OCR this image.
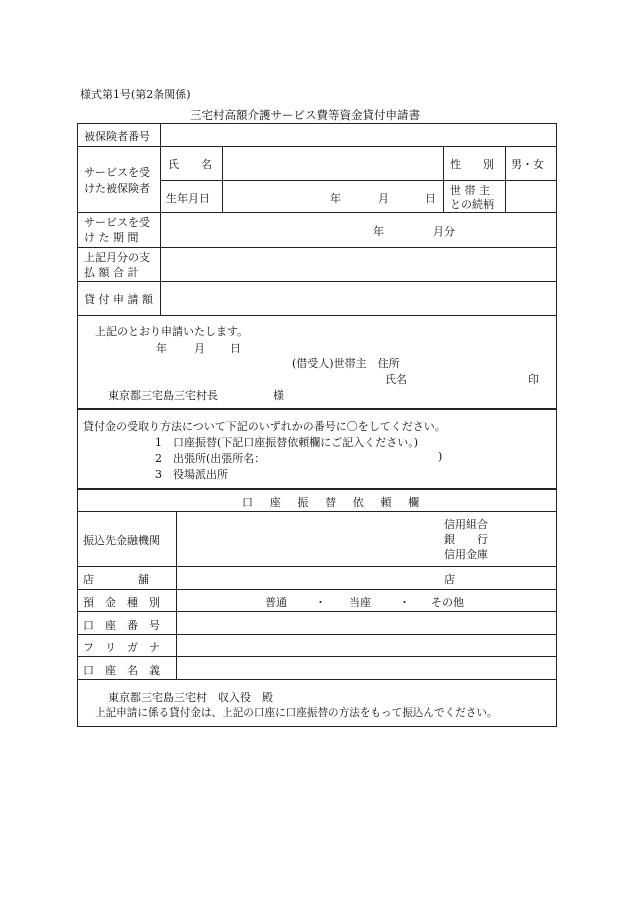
様式第1号(第2条関係)
三宅村高額介護サービス費等資金貸付申請書
被保険者番号
サービスを受
けた被保険者
氏　　名	性　　別 男・女
生年月日	年	月	日
世 帯 主
との続柄
サービスを受
け た 期 間	年	月分
上記月分の支
払 額 合 計
貸 付 申 請 額
上記のとおり申請いたします。
年 月 日
(借受人)世帯主　住所
氏名	印
東京都三宅島三宅村長	様
貸付金の受取り方法について下記のいずれかの番号に〇をしてください。
1　口座振替(下記口座振替依頼欄にご記入ください。)
2　出張所(出張所名：	)
3　役場派出所
口 座 振 替 依 頼 欄
振込先金融機関
信用組合
銀　　行
信用金庫
店　　　　舗	店
預　金　種　別	普通	・ 当座	・ その他
口　座　番　号
フ　リ　ガ　ナ
口　座　名　義
東京都三宅島三宅村　収入役　殿
上記申請に係る貸付金は、上記の口座に口座振替の方法をもって振込んでください。
